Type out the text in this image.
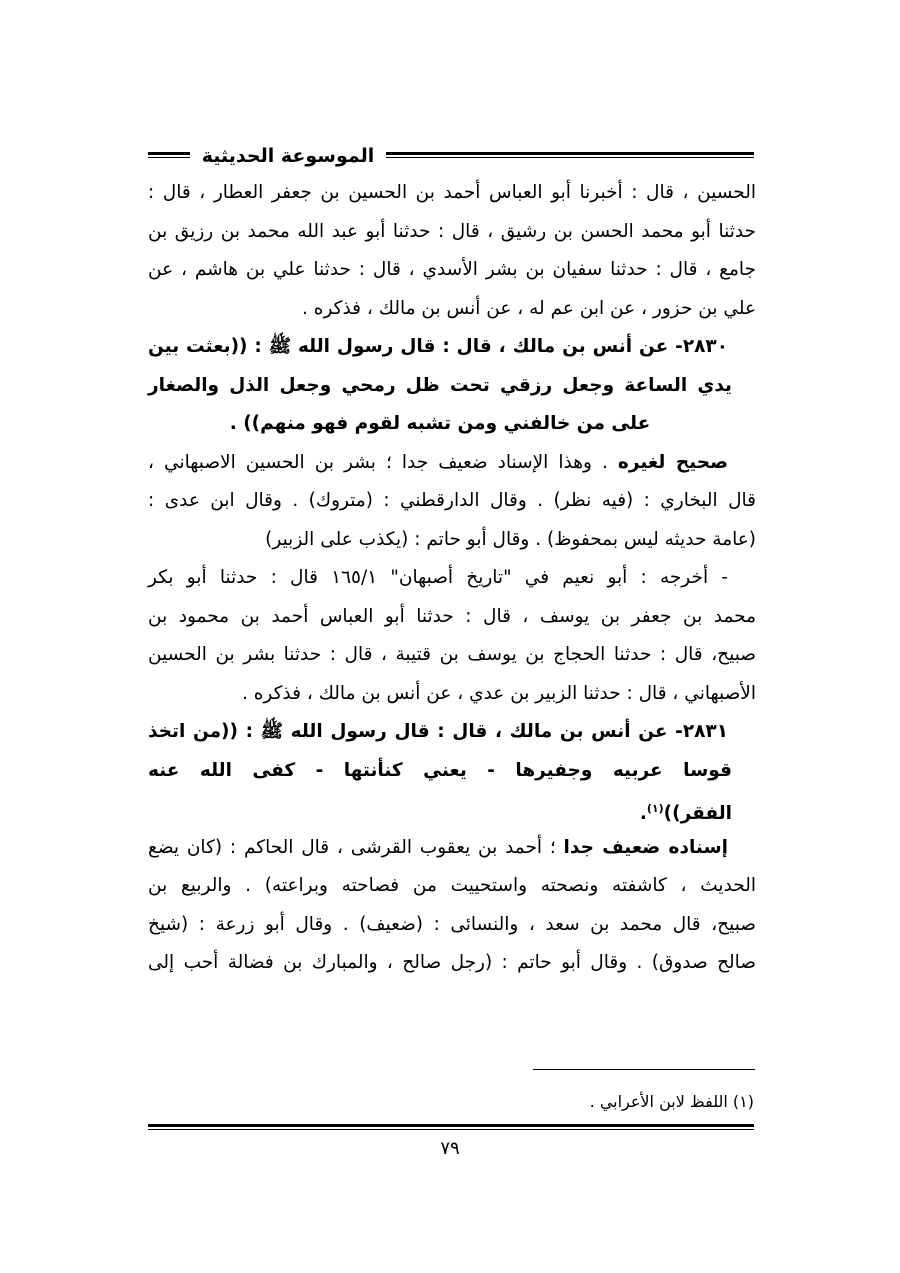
الموسوعة الحديثية
الحسين ، قال : أخبرنا أبو العباس أحمد بن الحسين بن جعفر العطار ، قال :
حدثنا أبو محمد الحسن بن رشيق ، قال : حدثنا أبو عبد الله محمد بن رزيق بن
جامع ، قال : حدثنا سفيان بن بشر الأسدي ، قال : حدثنا علي بن هاشم ، عن
علي بن حزور ، عن ابن عم له ، عن أنس بن مالك ، فذكره .
٢٨٣٠- عن أنس بن مالك ، قال : قال رسول الله ﷺ : ((بعثت بين
يدي الساعة وجعل رزقي تحت ظل رمحي وجعل الذل والصغار
على من خالفني ومن تشبه لقوم فهو منهم)) .
صحيح لغيره . وهذا الإسناد ضعيف جدا ؛ بشر بن الحسين الاصبهاني ،
قال البخاري : (فيه نظر) . وقال الدارقطني : (متروك) . وقال ابن عدى :
(عامة حديثه ليس بمحفوظ) . وقال أبو حاتم : (يكذب على الزبير)
- أخرجه : أبو نعيم في "تاريخ أصبهان" ١٦٥/١ قال : حدثنا أبو بكر
محمد بن جعفر بن يوسف ، قال : حدثنا أبو العباس أحمد بن محمود بن
صبيح، قال : حدثنا الحجاج بن يوسف بن قتيبة ، قال : حدثنا بشر بن الحسين
الأصبهاني ، قال : حدثنا الزبير بن عدي ، عن أنس بن مالك ، فذكره .
٢٨٣١- عن أنس بن مالك ، قال : قال رسول الله ﷺ : ((من اتخذ
قوسا عربيه وجفيرها - يعني كنأنتها - كفى الله عنه
الفقر))$^{(١)}$.
إسناده ضعيف جدا ؛ أحمد بن يعقوب القرشى ، قال الحاكم : (كان يضع
الحديث ، كاشفته ونصحته واستحييت من فصاحته وبراعته) . والربيع بن
صبيح، قال محمد بن سعد ، والنسائى : (ضعيف) . وقال أبو زرعة : (شيخ
صالح صدوق) . وقال أبو حاتم : (رجل صالح ، والمبارك بن فضالة أحب إلى
(١) اللفظ لابن الأعرابي .
٧٩
